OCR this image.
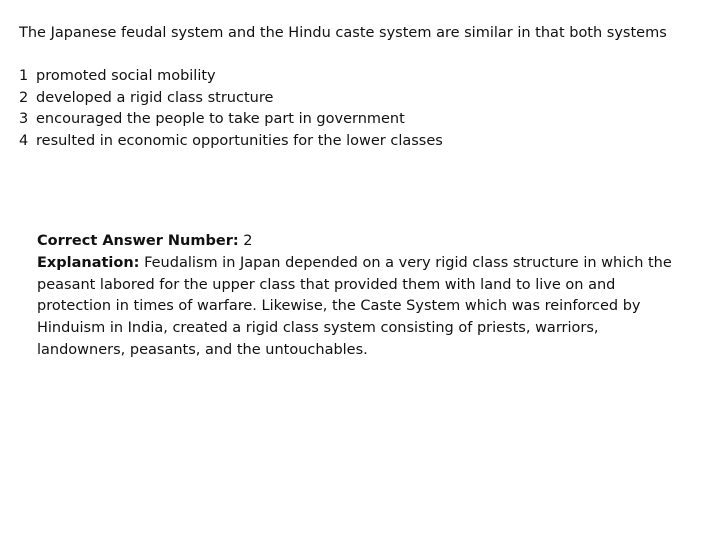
The Japanese feudal system and the Hindu caste system are similar in that both systems

1 promoted social mobility
2 developed a rigid class structure
3 encouraged the people to take part in government
4 resulted in economic opportunities for the lower classes

Correct Answer Number: 2

Explanation: Feudalism in Japan depended on a very rigid class structure in which the peasant labored for the upper class that provided them with land to live on and protection in times of warfare. Likewise, the Caste System which was reinforced by Hinduism in India, created a rigid class system consisting of priests, warriors, landowners, peasants, and the untouchables.
